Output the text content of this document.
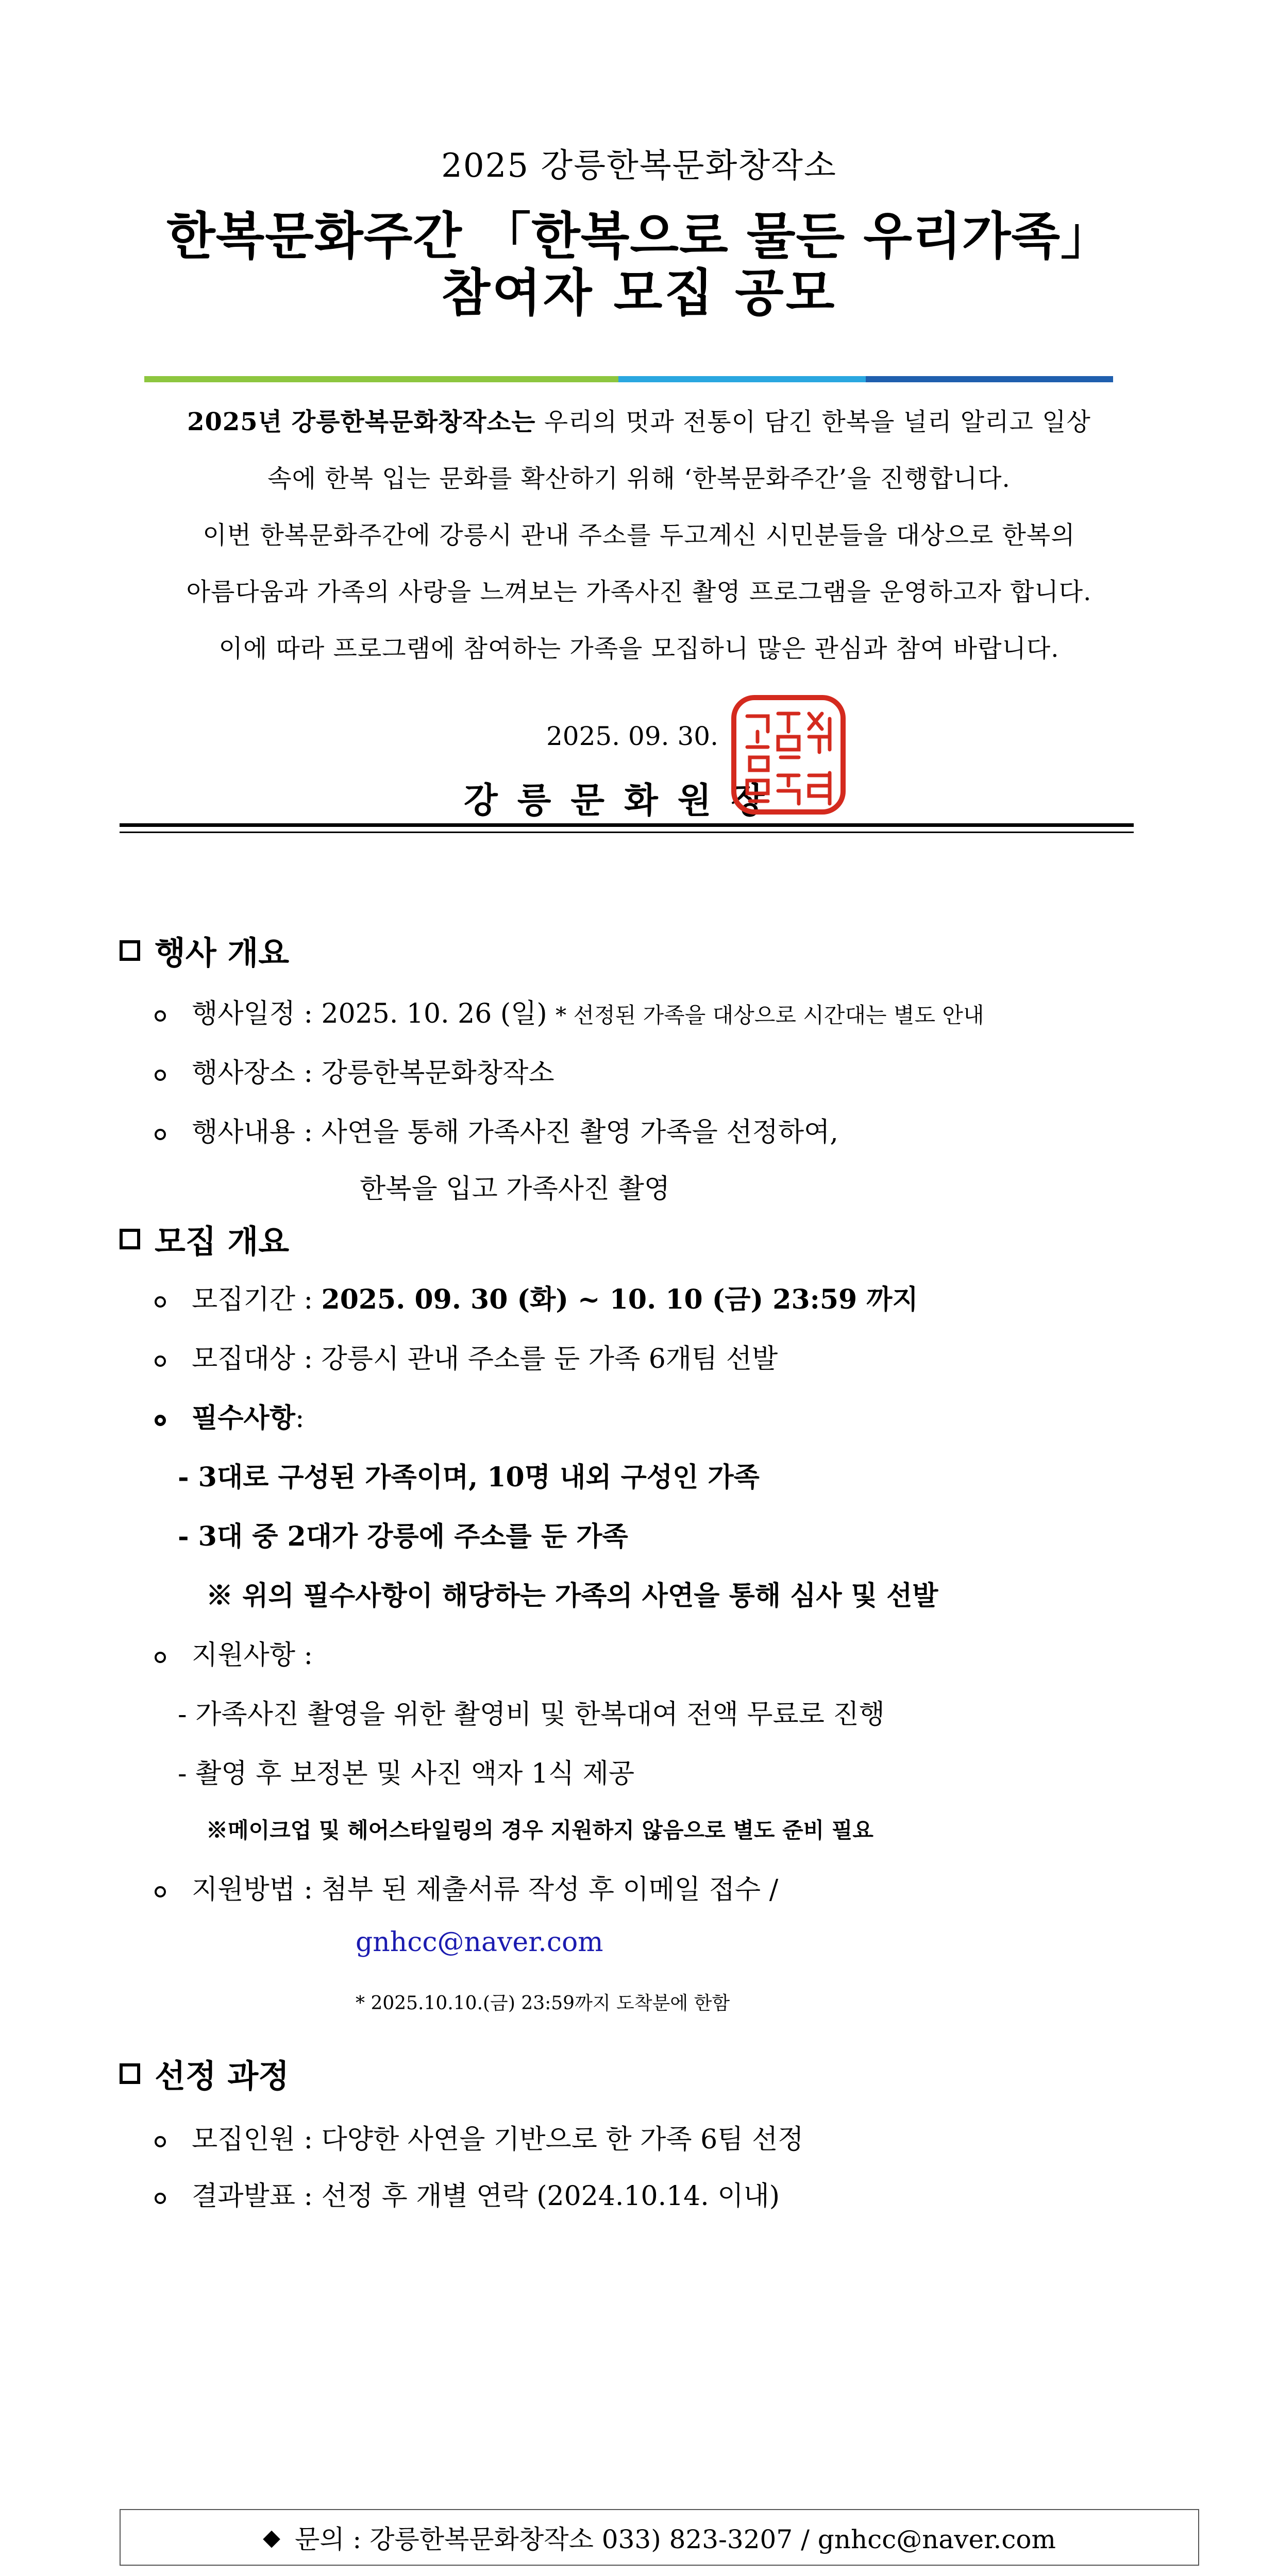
2025 강릉한복문화창작소
한복문화주간 「한복으로 물든 우리가족」
참여자 모집 공모
2025년 강릉한복문화창작소는 우리의 멋과 전통이 담긴 한복을 널리 알리고 일상
속에 한복 입는 문화를 확산하기 위해 ‘한복문화주간’을 진행합니다.
이번 한복문화주간에 강릉시 관내 주소를 두고계신 시민분들을 대상으로 한복의
아름다움과 가족의 사랑을 느껴보는 가족사진 촬영 프로그램을 운영하고자 합니다.
이에 따라 프로그램에 참여하는 가족을 모집하니 많은 관심과 참여 바랍니다.
2025. 09. 30.
강릉문화원장
행사 개요
행사일정 : 2025. 10. 26 (일) * 선정된 가족을 대상으로 시간대는 별도 안내
행사장소 : 강릉한복문화창작소
행사내용 : 사연을 통해 가족사진 촬영 가족을 선정하여,
한복을 입고 가족사진 촬영
모집 개요
모집기간 : 2025. 09. 30 (화) ~ 10. 10 (금) 23:59 까지
모집대상 : 강릉시 관내 주소를 둔 가족 6개팀 선발
필수사항:
- 3대로 구성된 가족이며, 10명 내외 구성인 가족
- 3대 중 2대가 강릉에 주소를 둔 가족
※ 위의 필수사항이 해당하는 가족의 사연을 통해 심사 및 선발
지원사항 :
- 가족사진 촬영을 위한 촬영비 및 한복대여 전액 무료로 진행
- 촬영 후 보정본 및 사진 액자 1식 제공
※메이크업 및 헤어스타일링의 경우 지원하지 않음으로 별도 준비 필요
지원방법 : 첨부 된 제출서류 작성 후 이메일 접수 /
gnhcc@naver.com
* 2025.10.10.(금) 23:59까지 도착분에 한함
선정 과정
모집인원 : 다양한 사연을 기반으로 한 가족 6팀 선정
결과발표 : 선정 후 개별 연락 (2024.10.14. 이내)
◆ 문의 : 강릉한복문화창작소 033) 823-3207 / gnhcc@naver.com
